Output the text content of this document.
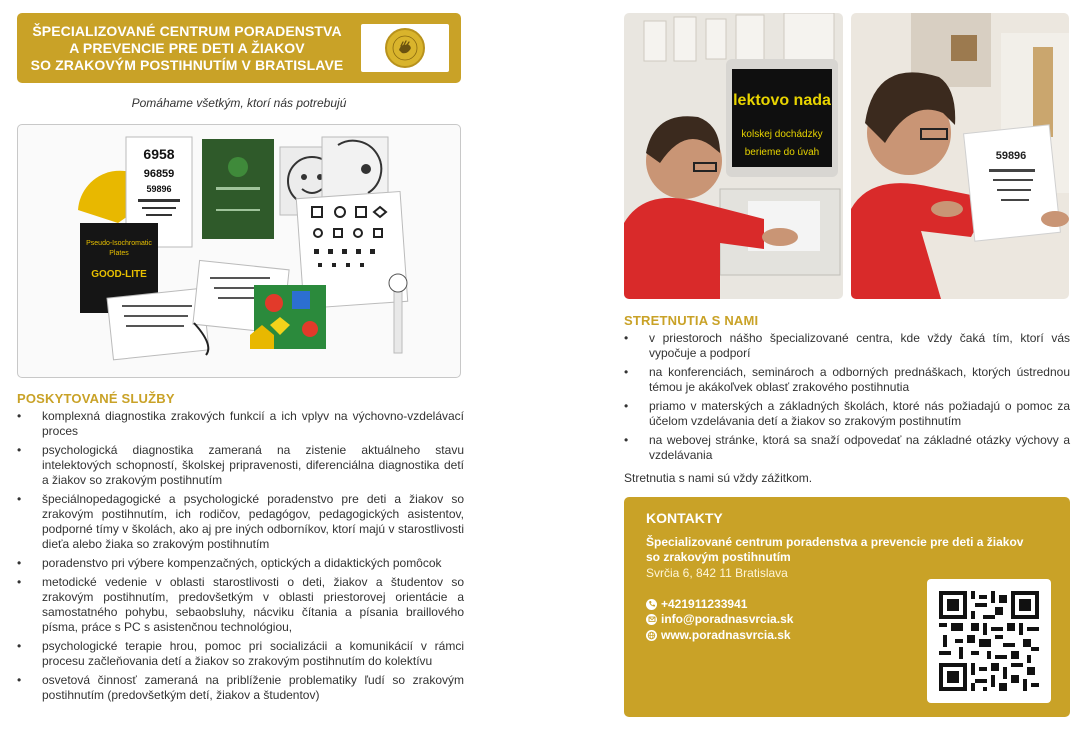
ŠPECIALIZOVANÉ CENTRUM PORADENSTVA
A PREVENCIE PRE DETI A ŽIAKOV
SO ZRAKOVÝM POSTIHNUTÍM V BRATISLAVE
Pomáhame všetkým, ktorí nás potrebujú
6958
96859
59896
Pseudo-Isochromatic
Plates
GOOD-LITE
POSKYTOVANÉ SLUŽBY
• komplexná diagnostika zrakových funkcií a ich vplyv na výchovno-vzdelávací proces
• psychologická diagnostika zameraná na zistenie aktuálneho stavu intelektových schopností, školskej pripravenosti, diferenciálna diagnostika detí a žiakov so zrakovým postihnutím
• špeciálnopedagogické a psychologické poradenstvo pre deti a žiakov so zrakovým postihnutím, ich rodičov, pedagógov, pedagogických asistentov, podporné tímy v školách, ako aj pre iných odborníkov, ktorí majú v starostlivosti dieťa alebo žiaka so zrakovým postihnutím
• poradenstvo pri výbere kompenzačných, optických a didaktických pomôcok
• metodické vedenie v oblasti starostlivosti o deti, žiakov a študentov so zrakovým postihnutím, predovšetkým v oblasti priestorovej orientácie a samostatného pohybu, sebaobsluhy, nácviku čítania a písania braillového písma, práce s PC s asistenčnou technológiou,
• psychologické terapie hrou, pomoc pri socializácii a komunikácií v rámci procesu začleňovania detí a žiakov so zrakovým postihnutím do kolektívu
• osvetová činnosť zameraná na priblíženie problematiky ľudí so zrakovým postihnutím (predovšetkým detí, žiakov a študentov)
lektovo nada
kolskej dochádzky
berieme do úvah	59896
STRETNUTIA S NAMI
• v priestoroch nášho špecializované centra, kde vždy čaká tím, ktorí vás vypočuje a podporí
• na konferenciách, seminároch a odborných prednáškach, ktorých ústrednou témou je akákoľvek oblasť zrakového postihnutia
• priamo v materských a základných školách, ktoré nás požiadajú o pomoc za účelom vzdelávania detí a žiakov so zrakovým postihnutím
• na webovej stránke, ktorá sa snaží odpovedať na základné otázky výchovy a vzdelávania
Stretnutia s nami sú vždy zážitkom.
KONTAKTY
Špecializované centrum poradenstva a prevencie pre deti a žiakov so zrakovým postihnutím
Svrčia 6, 842 11 Bratislava
+421911233941
info@poradnasvrcia.sk
www.poradnasvrcia.sk
